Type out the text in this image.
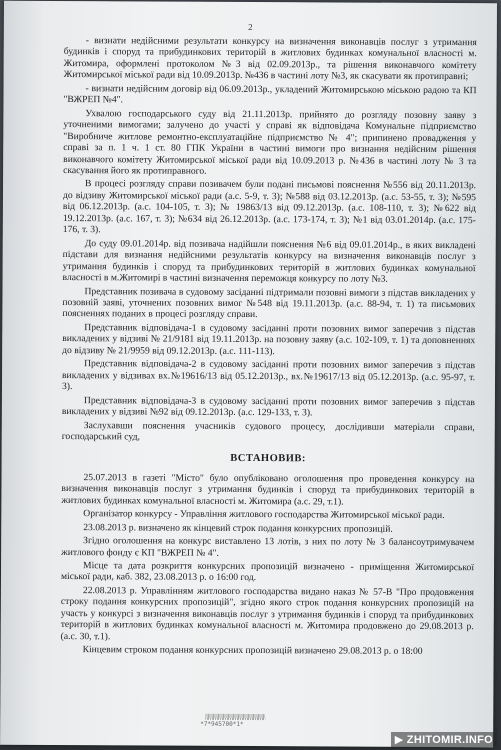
2

- визнати недійсними результати конкурсу на визначення виконавців послуг з утримання будинків і споруд та прибудинкових територій в житлових будинках комунальної власності м. Житомира, оформлені протоколом №3 від 02.09.2013р., та рішення виконавчого комітету Житомирської міської ради від 10.09.2013р. №436 в частині лоту №3, як скасувати як протиправні;

- визнати недійсним договір від 06.09.2013р., укладений Житомирською міською радою та КП "ВЖРЕП №4".

Ухвалою господарського суду від 21.11.2013р. прийнято до розгляду позовну заяву з уточненими вимогами; залучено до участі у справі як відповідача Комунальне підприємство "Виробниче житлове ремонтно-експлуатаційне підприємство № 4"; припинено провадження у справі за п. 1 ч. 1 ст. 80 ГПК України в частині вимоги про визнання недійсним рішення виконавчого комітету Житомирської міської ради від 10.09.2013 р. №436 в частині лоту № 3 та скасування його як протиправного.

В процесі розгляду справи позивачем були подані письмові пояснення №556 від 20.11.2013р. до відзиву Житомирської міської ради (а.с. 5-9, т. 3); №588 від 03.12.2013р. (а.с. 53-55, т. 3); №595 від 06.12.2013р. (а.с. 104-105, т. 3); № 19863/13 від 09.12.2013р. (а.с. 108-110, т. 3); №622 від 19.12.2013р. (а.с. 167, т. 3); №634 від 26.12.2013р. (а.с. 173-174, т. 3); №1 від 03.01.2014р. (а.с. 175-176, т. 3).

До суду 09.01.2014р. від позивача надійшли пояснення №6 від 09.01.2014р., в яких викладені підстави для визнання недійсними результатів конкурсу на визначення виконавців послуг з утримання будинків і споруд та прибудинкових територій в житлових будинках комунальної власності в м.Житомирі в частині визначення переможця конкурсу по лоту №3.

Представник позивача в судовому засіданні підтримали позовні вимоги з підстав викладених у позовній заяві, уточнених позовних вимог №548 від 19.11.2013р. (а.с. 88-94, т. 1) та письмових поясненнях поданих в процесі розгляду справи.

Представник відповідача-1 в судовому засіданні проти позовних вимог заперечив з підстав викладених у відзиві № 21/9181 від 19.11.2013р. на позовну заяву (а.с. 102-109, т. 1) та доповненнях до відзиву № 21/9959 від 09.12.2013р. (а.с. 111-113).

Представник відповідача-2 в судовому засіданні проти позовних вимог заперечив з підстав викладених у відзивах вх.№19616/13 від 05.12.2013р., вх.№19617/13 від 05.12.2013р. (а.с. 95-97, т. 3).

Представник відповідача-3 в судовому засіданні проти позовних вимог заперечив з підстав викладених у відзиві №92 від 09.12.2013р. (а.с. 129-133, т. 3).

Заслухавши пояснення учасників судового процесу, дослідивши матеріали справи, господарський суд,

ВСТАНОВИВ:

25.07.2013 в газеті "Місто" було опубліковано оголошення про проведення конкурсу на визначення виконавців послуг з утримання будинків і споруд та прибудинкових територій в житлових будинках комунальної власності м. Житомира (а.с. 29, т.1).

Організатор конкурсу - Управління житлового господарства Житомирської міської ради.

23.08.2013 р. визначено як кінцевий строк подання конкурсних пропозицій.

Згідно оголошення на конкурс виставлено 13 лотів, з них по лоту № 3 балансоутримувачем житлового фонду є КП "ВЖРЕП № 4".

Місце та дата розкриття конкурсних пропозицій визначено - приміщення Житомирської міської ради, каб. 382, 23.08.2013 р. о 16:00 год.

22.08.2013 р. Управлінням житлового господарства видано наказ № 57-В "Про продовження строку подання конкурсних пропозицій", згідно якого строк подання конкурсних пропозицій на участь у конкурсі з визначення виконавців послуг з утримання будинків і споруд та прибудинкових територій в житлових будинках комунальної власності м. Житомира продовжено до 29.08.2013 р.(а.с. 30, т.1).

Кінцевим строком подання конкурсних пропозицій визначено 29.08.2013 р. о 18:00

*7*945700*1*
▶ ZHITOMIR.INFO
